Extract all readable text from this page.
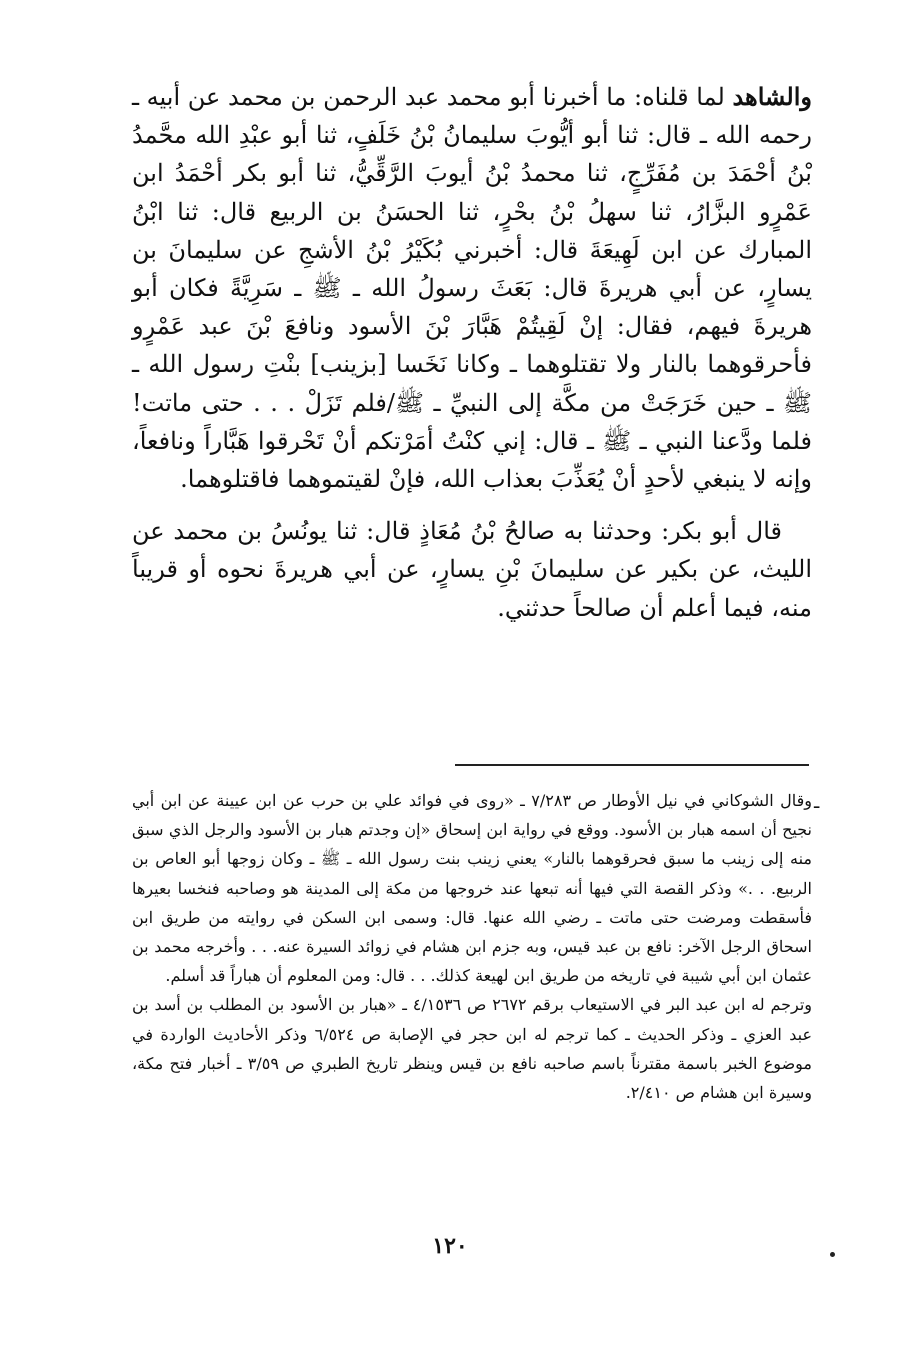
والشاهد لما قلناه: ما أخبرنا أبو محمد عبد الرحمن بن محمد عن أبيه ـ رحمه الله ـ قال: ثنا أبو أيُّوبَ سليمانُ بْنُ خَلَفٍ، ثنا أبو عبْدِ الله محَّمدُ بْنُ أحْمَدَ بن مُفَرِّجٍ، ثنا محمدُ بْنُ أيوبَ الرَّقِّيُّ، ثنا أبو بكر أحْمَدُ ابن عَمْرٍو البزَّارُ، ثنا سهلُ بْنُ بحْرٍ، ثنا الحسَنُ بن الربيع قال: ثنا ابْنُ المبارك عن ابن لَهِيعَةَ قال: أخبرني بُكَيْرُ بْنُ الأشجِ عن سليمانَ بن يسارٍ، عن أبي هريرةَ قال: بَعَثَ رسولُ الله ـ ﷺ ـ سَرِيَّةً فكان أبو هريرةَ فيهم، فقال: إنْ لَقِيتُمْ هَبَّارَ بْنَ الأسود ونافعَ بْنَ عبد عَمْرٍو فأحرقوهما بالنار ولا تقتلوهما ـ وكانا نَخَسا [بزينب] بنْتِ رسول الله ـ ﷺ ـ حين خَرَجَتْ من مكَّة إلى النبيِّ ـ ﷺ/فلم تَزَلْ . . . حتى ماتت! فلما ودَّعنا النبي ـ ﷺ ـ قال: إني كنْتُ أمَرْتكم أنْ تَحْرقوا هَبَّاراً ونافعاً، وإنه لا ينبغي لأحدٍ أنْ يُعَذِّبَ بعذاب الله، فإنْ لقيتموهما فاقتلوهما.

قال أبو بكر: وحدثنا به صالحُ بْنُ مُعَاذٍ قال: ثنا يونُسُ بن محمد عن الليث، عن بكير عن سليمانَ بْنِ يسارٍ، عن أبي هريرةَ نحوه أو قريباً منه، فيما أعلم أن صالحاً حدثني.

ـ

وقال الشوكاني في نيل الأوطار ص ٧/٢٨٣ ـ «روى في فوائد علي بن حرب عن ابن عيينة عن ابن أبي نجيح أن اسمه هبار بن الأسود. ووقع في رواية ابن إسحاق «إن وجدتم هبار بن الأسود والرجل الذي سبق منه إلى زينب ما سبق فحرقوهما بالنار» يعني زينب بنت رسول الله ـ ﷺ ـ وكان زوجها أبو العاص بن الربيع. . .» وذكر القصة التي فيها أنه تبعها عند خروجها من مكة إلى المدينة هو وصاحبه فنخسا بعيرها فأسقطت ومرضت حتى ماتت ـ رضي الله عنها. قال: وسمى ابن السكن في روايته من طريق ابن اسحاق الرجل الآخر: نافع بن عبد قيس، وبه جزم ابن هشام في زوائد السيرة عنه. . . وأخرجه محمد بن عثمان ابن أبي شيبة في تاريخه من طريق ابن لهيعة كذلك. . . قال: ومن المعلوم أن هباراً قد أسلم.

وترجم له ابن عبد البر في الاستيعاب برقم ٢٦٧٢ ص ٤/١٥٣٦ ـ «هبار بن الأسود بن المطلب بن أسد بن عبد العزي ـ وذكر الحديث ـ كما ترجم له ابن حجر في الإصابة ص ٦/٥٢٤ وذكر الأحاديث الواردة في موضوع الخبر باسمة مقترناً باسم صاحبه نافع بن قيس وينظر تاريخ الطبري ص ٣/٥٩ ـ أخبار فتح مكة، وسيرة ابن هشام ص ٢/٤١٠.

١٢٠
